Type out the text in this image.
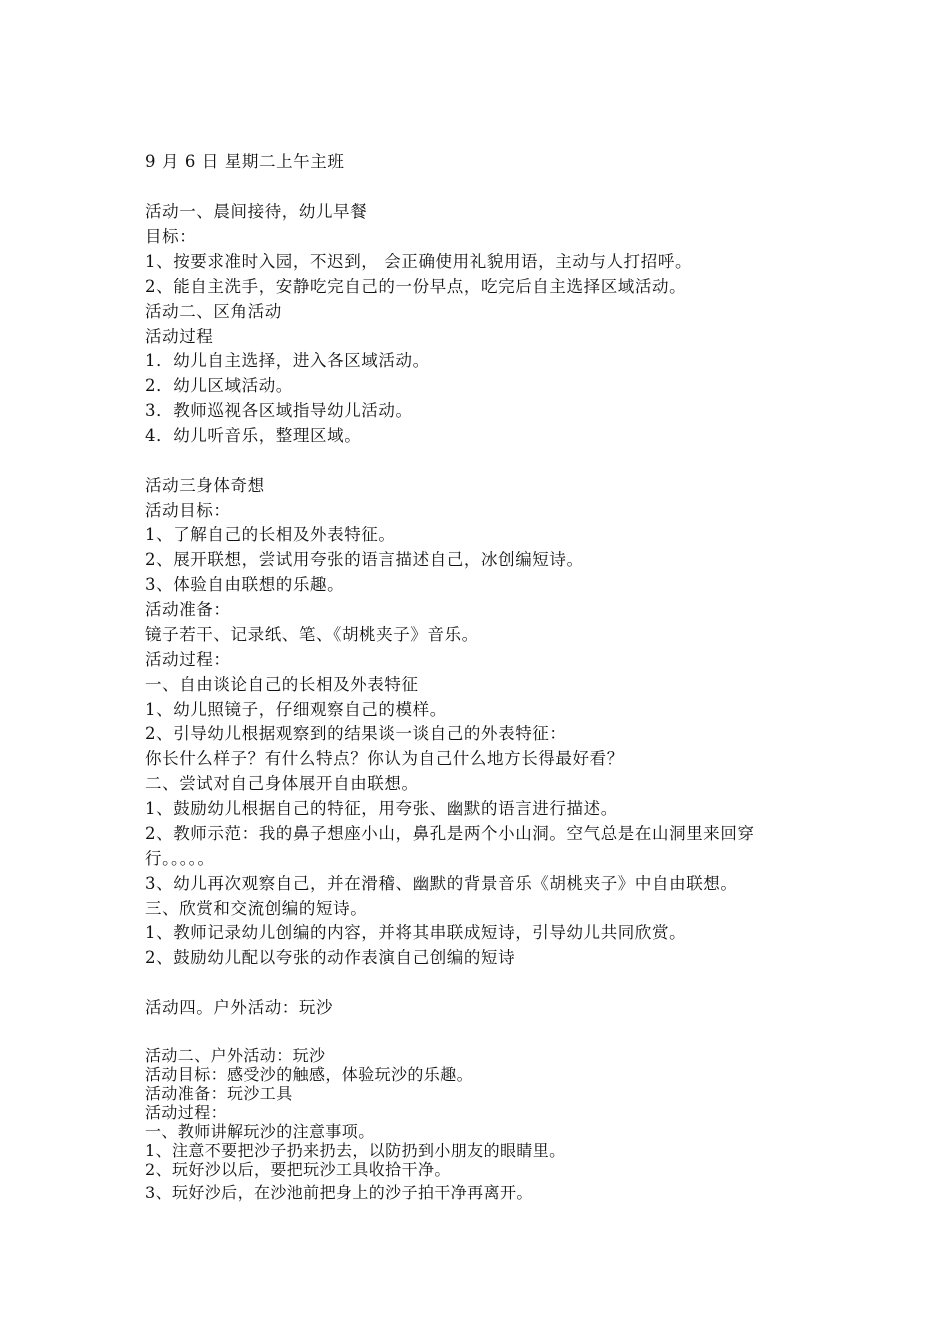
9 月 6 日 星期二上午主班
活动一、晨间接待，幼儿早餐
目标：
1、按要求准时入园，不迟到， 会正确使用礼貌用语，主动与人打招呼。
2、能自主洗手，安静吃完自己的一份早点，吃完后自主选择区域活动。
活动二、区角活动
活动过程
1．幼儿自主选择，进入各区域活动。
2．幼儿区域活动。
3．教师巡视各区域指导幼儿活动。
4．幼儿听音乐，整理区域。
活动三身体奇想
活动目标：
1、了解自己的长相及外表特征。
2、展开联想，尝试用夸张的语言描述自己，冰创编短诗。
3、体验自由联想的乐趣。
活动准备：
镜子若干、记录纸、笔、《胡桃夹子》音乐。
活动过程：
一、自由谈论自己的长相及外表特征
1、幼儿照镜子，仔细观察自己的模样。
2、引导幼儿根据观察到的结果谈一谈自己的外表特征：
你长什么样子？有什么特点？你认为自己什么地方长得最好看？
二、尝试对自己身体展开自由联想。
1、鼓励幼儿根据自己的特征，用夸张、幽默的语言进行描述。
2、教师示范：我的鼻子想座小山，鼻孔是两个小山洞。空气总是在山洞里来回穿
行。。。。。
3、幼儿再次观察自己，并在滑稽、幽默的背景音乐《胡桃夹子》中自由联想。
三、欣赏和交流创编的短诗。
1、教师记录幼儿创编的内容，并将其串联成短诗，引导幼儿共同欣赏。
2、鼓励幼儿配以夸张的动作表演自己创编的短诗
活动四。户外活动：玩沙
活动二、户外活动：玩沙
活动目标：感受沙的触感，体验玩沙的乐趣。
活动准备：玩沙工具
活动过程：
一、教师讲解玩沙的注意事项。
1、注意不要把沙子扔来扔去，以防扔到小朋友的眼睛里。
2、玩好沙以后，要把玩沙工具收拾干净。
3、玩好沙后，在沙池前把身上的沙子拍干净再离开。
